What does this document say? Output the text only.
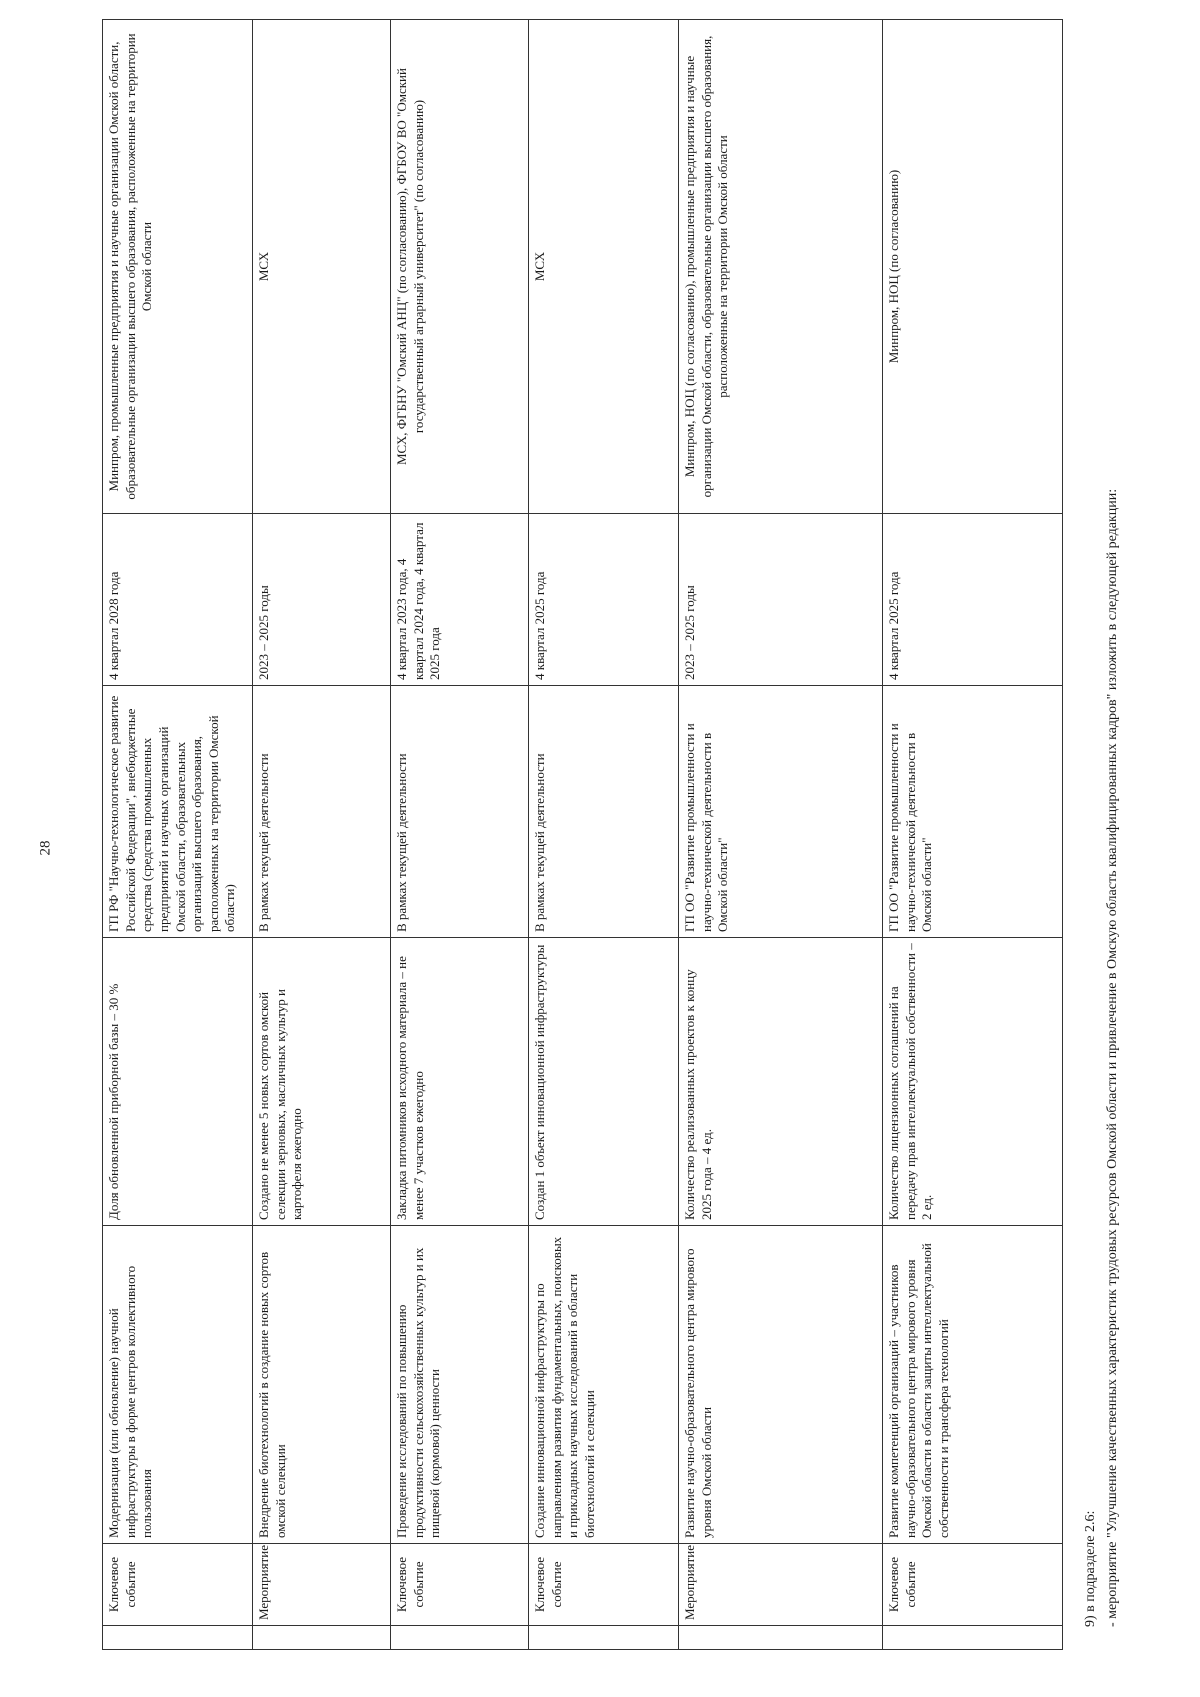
28
	Ключевое событие	Модернизация (или обновление) научной инфраструктуры в форме центров коллективного пользования	Доля обновленной приборной базы – 30 %	ГП РФ "Научно-технологическое развитие Российской Федерации", внебюджетные средства (средства промышленных предприятий и научных организаций Омской области, образовательных организаций высшего образования, расположенных на территории Омской области)	4 квартал 2028 года	Минпром, промышленные предприятия и научные организации Омской области, образовательные организации высшего образования, расположенные на территории Омской области
	Мероприятие	Внедрение биотехнологий в создание новых сортов омской селекции	Создано не менее 5 новых сортов омской селекции зерновых, масличных культур и картофеля ежегодно	В рамках текущей деятельности	2023 – 2025 годы	МСХ
	Ключевое событие	Проведение исследований по повышению продуктивности сельскохозяйственных культур и их пищевой (кормовой) ценности	Закладка питомников исходного материала – не менее 7 участков ежегодно	В рамках текущей деятельности	4 квартал 2023 года, 4 квартал 2024 года, 4 квартал 2025 года	МСХ, ФГБНУ "Омский АНЦ" (по согласованию), ФГБОУ ВО "Омский государственный аграрный университет" (по согласованию)
	Ключевое событие	Создание инновационной инфраструктуры по направлениям развития фундаментальных, поисковых и прикладных научных исследований в области биотехнологий и селекции	Создан 1 объект инновационной инфраструктуры	В рамках текущей деятельности	4 квартал 2025 года	МСХ
	Мероприятие	Развитие научно-образовательного центра мирового уровня Омской области	Количество реализованных проектов к концу 2025 года – 4 ед.	ГП ОО "Развитие промышленности и научно-технической деятельности в Омской области"	2023 – 2025 годы	Минпром, НОЦ (по согласованию), промышленные предприятия и научные организации Омской области, образовательные организации высшего образования, расположенные на территории Омской области
	Ключевое событие	Развитие компетенций организаций – участников научно-образовательного центра мирового уровня Омской области в области защиты интеллектуальной собственности и трансфера технологий	Количество лицензионных соглашений на передачу прав интеллектуальной собственности – 2 ед.	ГП ОО "Развитие промышленности и научно-технической деятельности в Омской области"	4 квартал 2025 года	Минпром, НОЦ (по согласованию)
9) в подразделе 2.6: - мероприятие "Улучшение качественных характеристик трудовых ресурсов Омской области и привлечение в Омскую область квалифицированных кадров" изложить в следующей редакции:
